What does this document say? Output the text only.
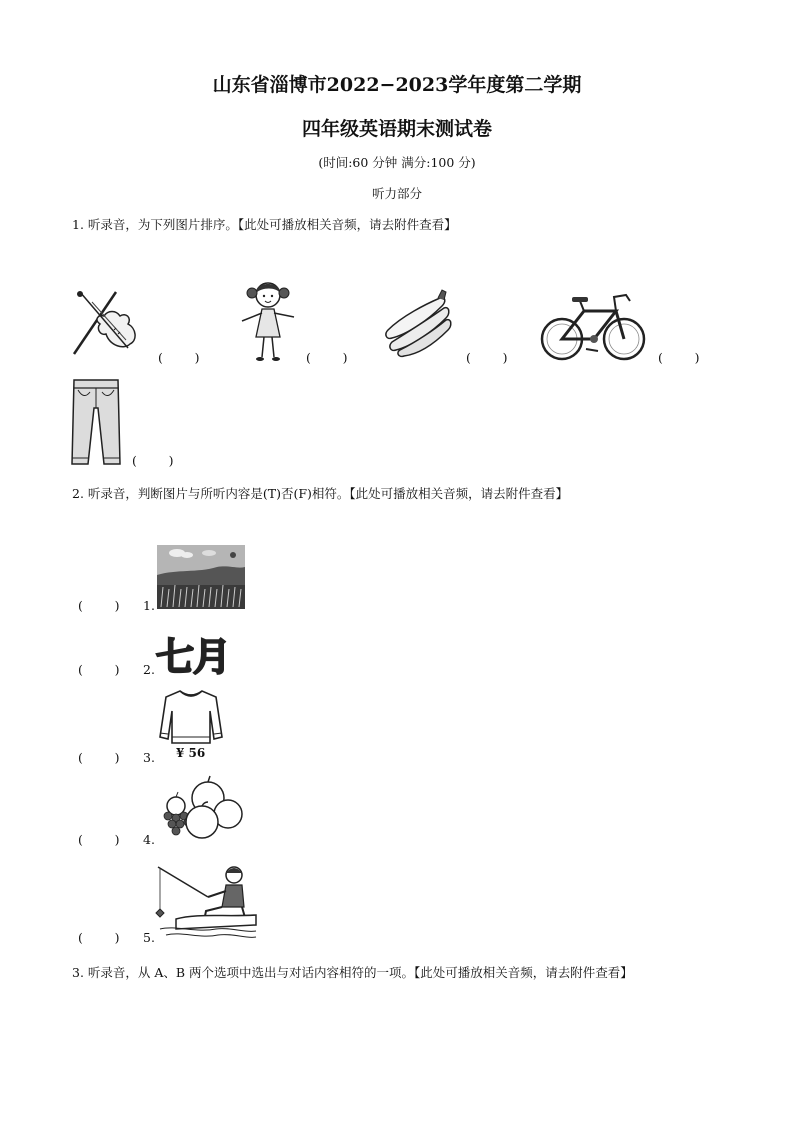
山东省淄博市2022−2023学年度第二学期
四年级英语期末测试卷
(时间:60 分钟 满分:100 分)
听力部分
1. 听录音，为下列图片排序。【此处可播放相关音频，请去附件查看】
(        )	(        )	(        )	(        )
(        )
2. 听录音，判断图片与所听内容是(T)否(F)相符。【此处可播放相关音频，请去附件查看】
(        ) 1.
(        ) 2. 七月
(        ) 3. ¥ 56
(        ) 4.
(        ) 5.
3. 听录音，从 A、B 两个选项中选出与对话内容相符的一项。【此处可播放相关音频，请去附件查看】
